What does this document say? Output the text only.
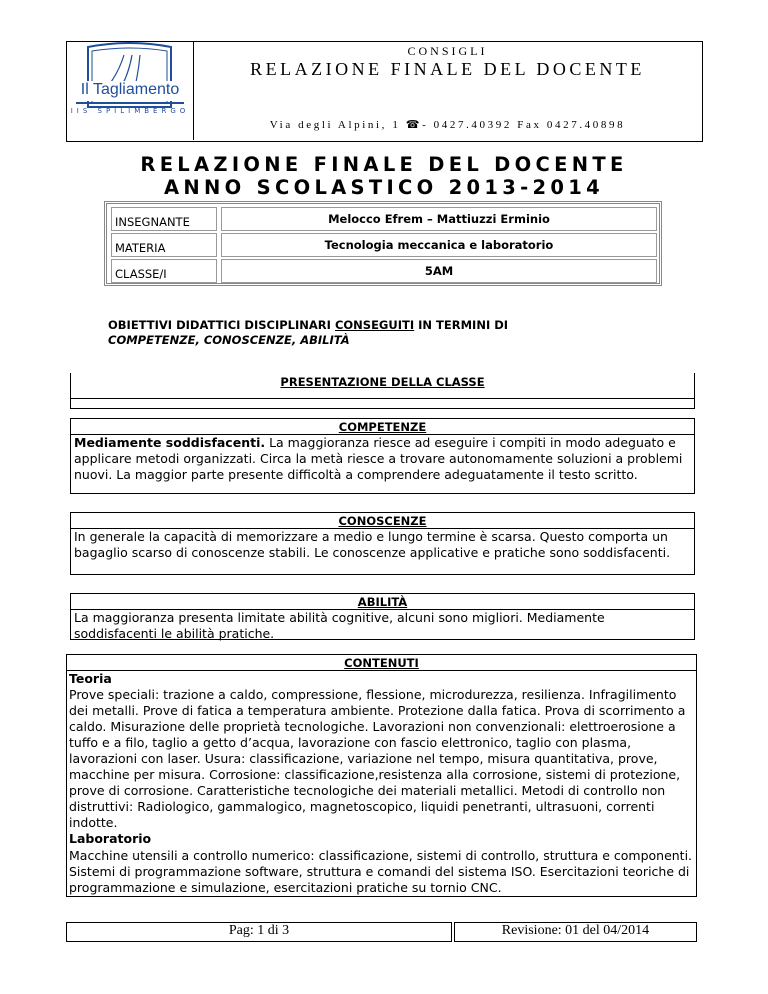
Il Tagliamento
IIS SPILIMBERGO
CONSIGLI
RELAZIONE FINALE DEL DOCENTE
Via degli Alpini, 1 ☎- 0427.40392 Fax 0427.40898
RELAZIONE FINALE DEL DOCENTE
ANNO SCOLASTICO 2013-2014
INSEGNANTE	Melocco Efrem – Mattiuzzi Erminio
MATERIA	Tecnologia meccanica e laboratorio
CLASSE/I	5AM
OBIETTIVI DIDATTICI DISCIPLINARI CONSEGUITI IN TERMINI DI
COMPETENZE, CONOSCENZE, ABILITÀ
PRESENTAZIONE DELLA CLASSE
COMPETENZE
Mediamente soddisfacenti. La maggioranza riesce ad eseguire i compiti in modo adeguato e applicare metodi organizzati. Circa la metà riesce a trovare autonomamente soluzioni a problemi nuovi. La maggior parte presente difficoltà a comprendere adeguatamente il testo scritto.
CONOSCENZE
In generale la capacità di memorizzare a medio e lungo termine è scarsa. Questo comporta un bagaglio scarso di conoscenze stabili. Le conoscenze applicative e pratiche sono soddisfacenti.
ABILITÀ
La maggioranza presenta limitate abilità cognitive, alcuni sono migliori. Mediamente soddisfacenti le abilità pratiche.
CONTENUTI
Teoria
Prove speciali: trazione a caldo, compressione, flessione, microdurezza, resilienza. Infragilimento dei metalli. Prove di fatica a temperatura ambiente. Protezione dalla fatica. Prova di scorrimento a caldo. Misurazione delle proprietà tecnologiche. Lavorazioni non convenzionali: elettroerosione a tuffo e a filo, taglio a getto d’acqua, lavorazione con fascio elettronico, taglio con plasma, lavorazioni con laser. Usura: classificazione, variazione nel tempo, misura quantitativa, prove, macchine per misura. Corrosione: classificazione,resistenza alla corrosione, sistemi di protezione, prove di corrosione. Caratteristiche tecnologiche dei materiali metallici. Metodi di controllo non distruttivi: Radiologico, gammalogico, magnetoscopico, liquidi penetranti, ultrasuoni, correnti indotte.
Laboratorio
Macchine utensili a controllo numerico: classificazione, sistemi di controllo, struttura e componenti. Sistemi di programmazione software, struttura e comandi del sistema ISO. Esercitazioni teoriche di programmazione e simulazione, esercitazioni pratiche su tornio CNC.
Pag: 1 di 3	Revisione: 01 del 04/2014
